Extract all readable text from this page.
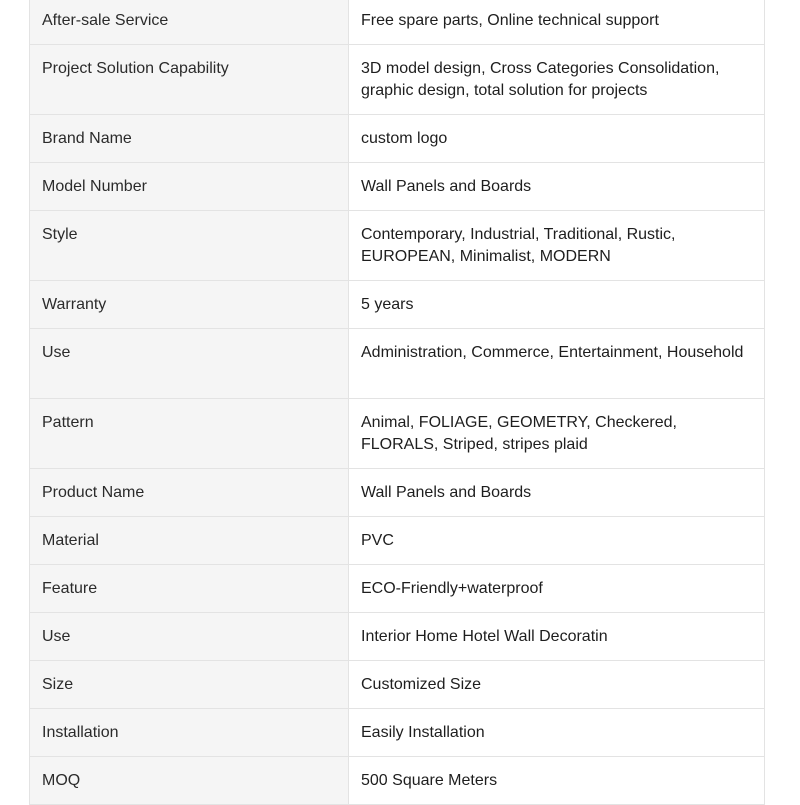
After-sale Service	Free spare parts, Online technical support
Project Solution Capability	3D model design, Cross Categories Consolidation, graphic design, total solution for projects
Brand Name	custom logo
Model Number	Wall Panels and Boards
Style	Contemporary, Industrial, Traditional, Rustic, EUROPEAN, Minimalist, MODERN
Warranty	5 years
Use	Administration, Commerce, Entertainment, Household
Pattern	Animal, FOLIAGE, GEOMETRY, Checkered, FLORALS, Striped, stripes plaid
Product Name	Wall Panels and Boards
Material	PVC
Feature	ECO-Friendly+waterproof
Use	Interior Home Hotel Wall Decoratin
Size	Customized Size
Installation	Easily Installation
MOQ	500 Square Meters
